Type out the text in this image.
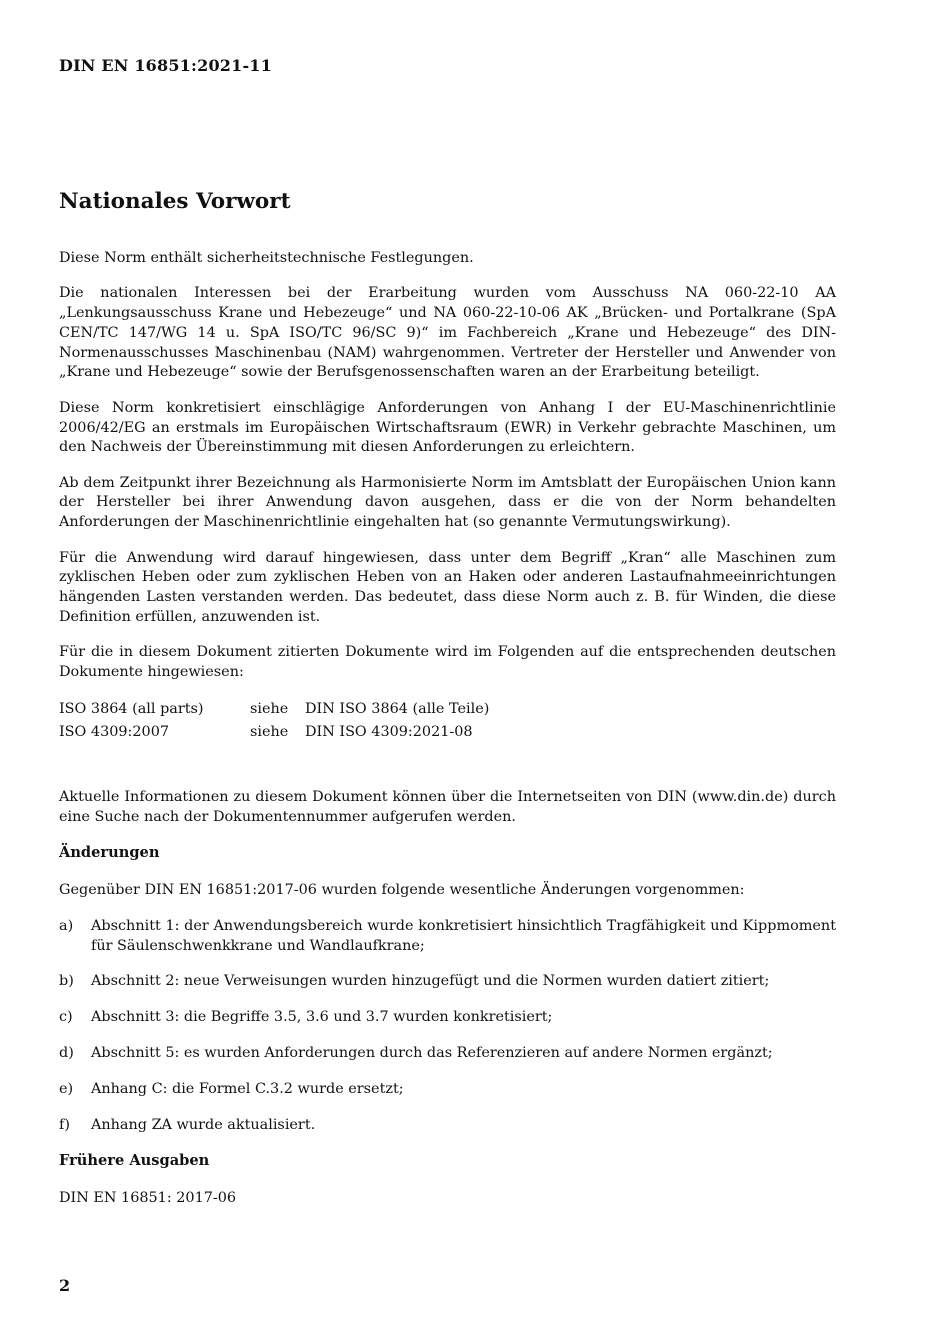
DIN EN 16851:2021-11
Nationales Vorwort

Diese Norm enthält sicherheitstechnische Festlegungen.

Die nationalen Interessen bei der Erarbeitung wurden vom Ausschuss NA 060-22-10 AA „Lenkungsausschuss Krane und Hebezeuge“ und NA 060-22-10-06 AK „Brücken- und Portalkrane (SpA CEN/TC 147/WG 14 u. SpA ISO/TC 96/SC 9)“ im Fachbereich „Krane und Hebezeuge“ des DIN-Normenausschusses Maschinenbau (NAM) wahrgenommen. Vertreter der Hersteller und Anwender von „Krane und Hebezeuge“ sowie der Berufsgenossenschaften waren an der Erarbeitung beteiligt.

Diese Norm konkretisiert einschlägige Anforderungen von Anhang I der EU-Maschinenrichtlinie 2006/42/EG an erstmals im Europäischen Wirtschaftsraum (EWR) in Verkehr gebrachte Maschinen, um den Nachweis der Übereinstimmung mit diesen Anforderungen zu erleichtern.

Ab dem Zeitpunkt ihrer Bezeichnung als Harmonisierte Norm im Amtsblatt der Europäischen Union kann der Hersteller bei ihrer Anwendung davon ausgehen, dass er die von der Norm behandelten Anforderungen der Maschinenrichtlinie eingehalten hat (so genannte Vermutungswirkung).

Für die Anwendung wird darauf hingewiesen, dass unter dem Begriff „Kran“ alle Maschinen zum zyklischen Heben oder zum zyklischen Heben von an Haken oder anderen Lastaufnahmeeinrichtungen hängenden Lasten verstanden werden. Das bedeutet, dass diese Norm auch z. B. für Winden, die diese Definition erfüllen, anzuwenden ist.

Für die in diesem Dokument zitierten Dokumente wird im Folgenden auf die entsprechenden deutschen Dokumente hingewiesen:

ISO 3864 (all parts)	siehe	DIN ISO 3864 (alle Teile)
ISO 4309:2007	siehe	DIN ISO 4309:2021-08

Aktuelle Informationen zu diesem Dokument können über die Internetseiten von DIN (www.din.de) durch eine Suche nach der Dokumentennummer aufgerufen werden.

Änderungen

Gegenüber DIN EN 16851:2017-06 wurden folgende wesentliche Änderungen vorgenommen:

a)	Abschnitt 1: der Anwendungsbereich wurde konkretisiert hinsichtlich Tragfähigkeit und Kippmoment für Säulenschwenkkrane und Wandlaufkrane;
b)	Abschnitt 2: neue Verweisungen wurden hinzugefügt und die Normen wurden datiert zitiert;
c)	Abschnitt 3: die Begriffe 3.5, 3.6 und 3.7 wurden konkretisiert;
d)	Abschnitt 5: es wurden Anforderungen durch das Referenzieren auf andere Normen ergänzt;
e)	Anhang C: die Formel C.3.2 wurde ersetzt;
f)	Anhang ZA wurde aktualisiert.
Frühere Ausgaben

DIN EN 16851: 2017-06

2
